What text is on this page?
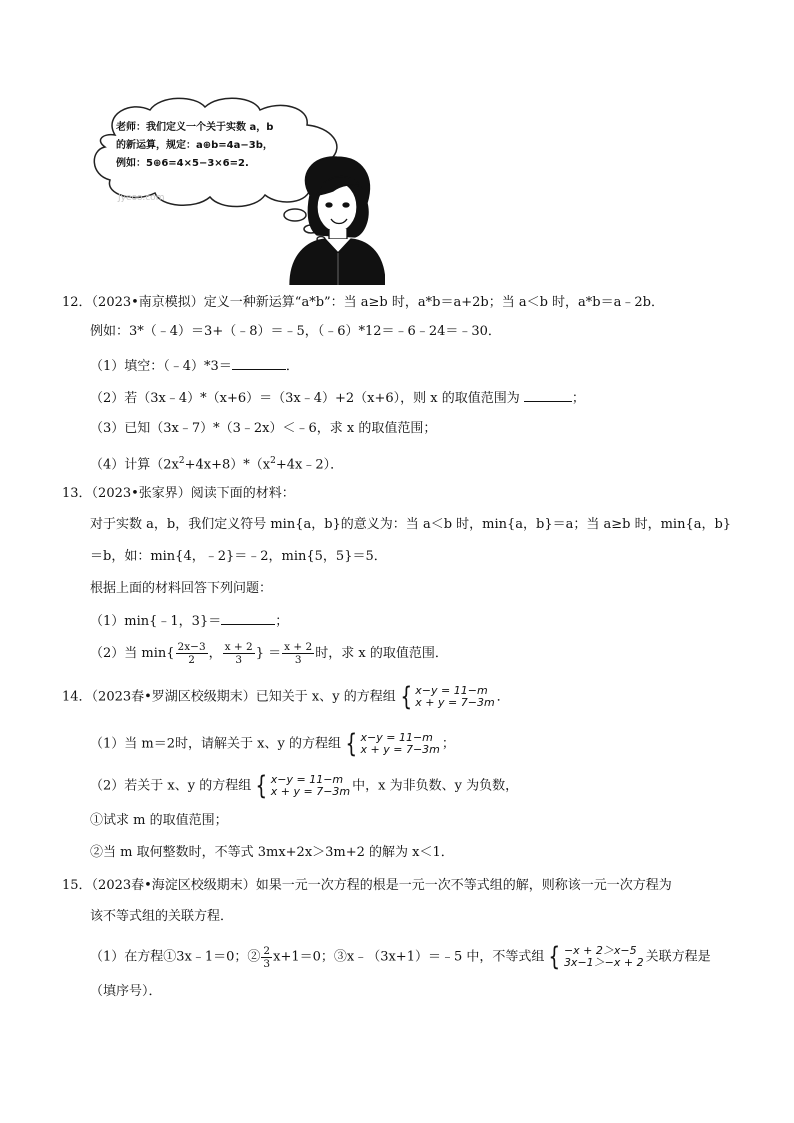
老师：我们定义一个关于实数 a，b
的新运算，规定：a⊕b=4a−3b，
例如：5⊕6=4×5−3×6=2.
Jyeoo.com
12．（2023•南京模拟）定义一种新运算“a*b”：当 a≥b 时，a*b＝a+2b；当 a＜b 时，a*b＝a﹣2b．
例如：3*（﹣4）＝3+（﹣8）＝﹣5，（﹣6）*12＝﹣6﹣24＝﹣30．
（1）填空：（﹣4）*3＝	．
（2）若（3x﹣4）*（x+6）＝（3x﹣4）+2（x+6），则 x 的取值范围为	；
（3）已知（3x﹣7）*（3﹣2x）＜﹣6，求 x 的取值范围；
（4）计算$(2x^2+4x+8)*(x^2+4x﹣2)$．
13．（2023•张家界）阅读下面的材料：
对于实数 a，b，我们定义符号 min{a，b}的意义为：当 a＜b 时，min{a，b}＝a；当 a≥b 时，min{a，b}
＝b，如：min{4，﹣2}＝﹣2，min{5，5}＝5．
根据上面的材料回答下列问题：
（1）min{﹣1，3}＝	；
（2）当 $\min\{ \frac{2x-3}{2}$ ， $\frac{x + 2}{3}$ } ＝ $\frac{x + 2}{3}$ 时，求 x 的取值范围．
14．（2023春•罗湖区校级期末）已知关于 x、y 的方程组 { x−y = 11−m
x + y = 7−3m ．
（1）当 m＝2时，请解关于 x、y 的方程组 { x−y = 11−m
x + y = 7−3m ；
（2）若关于 x、y 的方程组 { x−y = 11−m
x + y = 7−3m 中，x 为非负数、y 为负数，
①试求 m 的取值范围；
②当 m 取何整数时，不等式 3mx+2x＞3m+2 的解为 x＜1．
15．（2023春•海淀区校级期末）如果一元一次方程的根是一元一次不等式组的解，则称该一元一次方程为
该不等式组的关联方程．
（1）在方程①3x﹣1＝0；② $\frac{2}{3} x+1=0$；③x﹣（3x+1）＝﹣5 中，不等式组 { −x + 2＞x−5
3x−1＞−x + 2 关联方程是
（填序号）．
